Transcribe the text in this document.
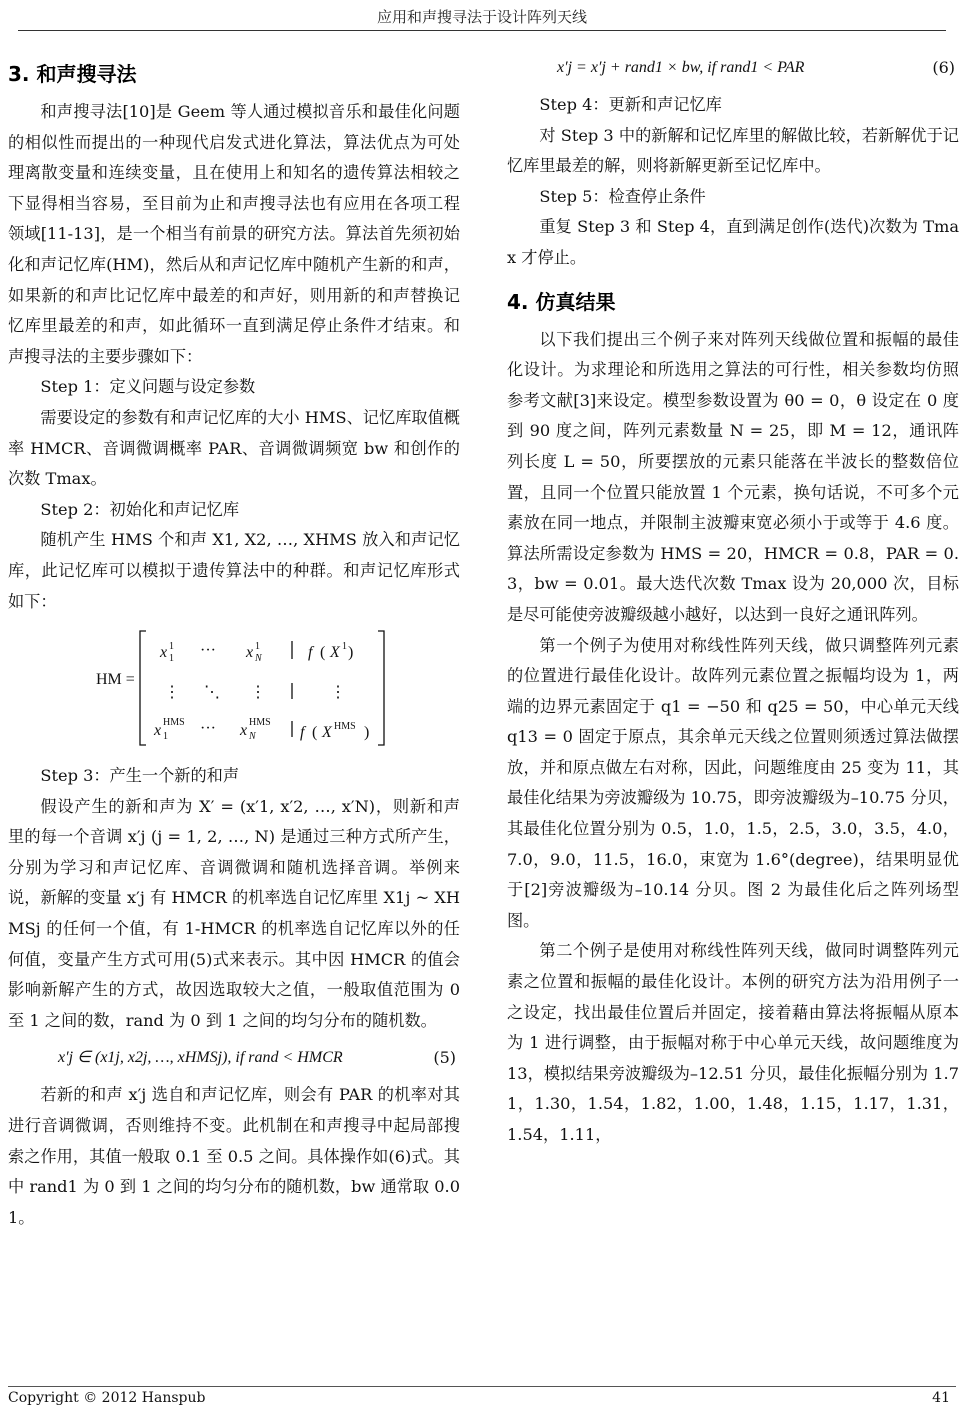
应用和声搜寻法于设计阵列天线
3. 和声搜寻法

和声搜寻法[10]是 Geem 等人通过模拟音乐和最佳化问题的相似性而提出的一种现代启发式进化算法，算法优点为可处理离散变量和连续变量，且在使用上和知名的遗传算法相较之下显得相当容易，至目前为止和声搜寻法也有应用在各项工程领域[11-13]，是一个相当有前景的研究方法。算法首先须初始化和声记忆库(HM)，然后从和声记忆库中随机产生新的和声，如果新的和声比记忆库中最差的和声好，则用新的和声替换记忆库里最差的和声，如此循环一直到满足停止条件才结束。和声搜寻法的主要步骤如下：

Step 1：定义问题与设定参数

需要设定的参数有和声记忆库的大小 HMS、记忆库取值概率 HMCR、音调微调概率 PAR、音调微调频宽 bw 和创作的次数 Tmax。

Step 2：初始化和声记忆库

随机产生 HMS 个和声 X1, X2, …, XHMS 放入和声记忆库，此记忆库可以模拟于遗传算法中的种群。和声记忆库形式如下：

HM =
x 1
1 ··· x 1
N	f ( X 1 )
⋮ ⋱ ⋮	⋮
x HMS
1 ··· x HMS
N	f ( X HMS )

Step 3：产生一个新的和声

假设产生的新和声为 X′ = (x′1, x′2, …, x′N)，则新和声里的每一个音调 x′j (j = 1, 2, …, N) 是通过三种方式所产生，分别为学习和声记忆库、音调微调和随机选择音调。举例来说，新解的变量 x′j 有 HMCR 的机率选自记忆库里 X1j ~ XHMSj 的任何一个值，有 1-HMCR 的机率选自记忆库以外的任何值，变量产生方式可用(5)式来表示。其中因 HMCR 的值会影响新解产生的方式，故因选取较大之值，一般取值范围为 0 至 1 之间的数，rand 为 0 到 1 之间的均匀分布的随机数。

x′j ∈ (x1j, x2j, …, xHMSj), if rand < HMCR	(5)

若新的和声 x′j 选自和声记忆库，则会有 PAR 的机率对其进行音调微调，否则维持不变。此机制在和声搜寻中起局部搜索之作用，其值一般取 0.1 至 0.5 之间。具体操作如(6)式。其中 rand1 为 0 到 1 之间的均匀分布的随机数，bw 通常取 0.01。

x′j = x′j + rand1 × bw, if rand1 < PAR	(6)

Step 4：更新和声记忆库

对 Step 3 中的新解和记忆库里的解做比较，若新解优于记忆库里最差的解，则将新解更新至记忆库中。

Step 5：检查停止条件

重复 Step 3 和 Step 4，直到满足创作(迭代)次数为 Tmax 才停止。

4. 仿真结果

以下我们提出三个例子来对阵列天线做位置和振幅的最佳化设计。为求理论和所选用之算法的可行性，相关参数均仿照参考文献[3]来设定。模型参数设置为 θ0 = 0，θ 设定在 0 度到 90 度之间，阵列元素数量 N = 25，即 M = 12，通讯阵列长度 L = 50，所要摆放的元素只能落在半波长的整数倍位置，且同一个位置只能放置 1 个元素，换句话说，不可多个元素放在同一地点，并限制主波瓣束宽必须小于或等于 4.6 度。算法所需设定参数为 HMS = 20，HMCR = 0.8，PAR = 0.3，bw = 0.01。最大迭代次数 Tmax 设为 20,000 次，目标是尽可能使旁波瓣级越小越好，以达到一良好之通讯阵列。

第一个例子为使用对称线性阵列天线，做只调整阵列元素的位置进行最佳化设计。故阵列元素位置之振幅均设为 1，两端的边界元素固定于 q1 = −50 和 q25 = 50，中心单元天线 q13 = 0 固定于原点，其余单元天线之位置则须透过算法做摆放，并和原点做左右对称，因此，问题维度由 25 变为 11，其最佳化结果为旁波瓣级为 10.75，即旁波瓣级为–10.75 分贝，其最佳化位置分别为 0.5，1.0，1.5，2.5，3.0，3.5，4.0，7.0，9.0，11.5，16.0，束宽为 1.6°(degree)，结果明显优于[2]旁波瓣级为–10.14 分贝。图 2 为最佳化后之阵列场型图。

第二个例子是使用对称线性阵列天线，做同时调整阵列元素之位置和振幅的最佳化设计。本例的研究方法为沿用例子一之设定，找出最佳位置后并固定，接着藉由算法将振幅从原本为 1 进行调整，由于振幅对称于中心单元天线，故问题维度为 13，模拟结果旁波瓣级为–12.51 分贝，最佳化振幅分别为 1.71，1.30，1.54，1.82，1.00，1.48，1.15，1.17，1.31，1.54，1.11，

Copyright © 2012 Hanspub	41
